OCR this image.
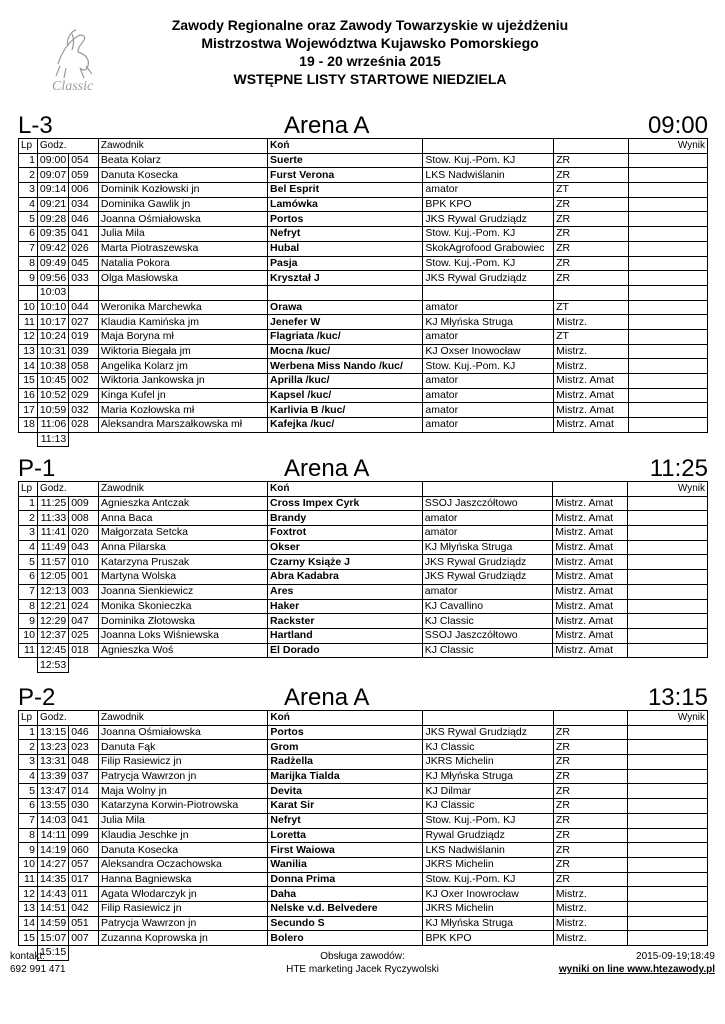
Classic
Zawody Regionalne oraz Zawody Towarzyskie w ujeżdżeniu
Mistrzostwa Województwa Kujawsko Pomorskiego
19 - 20 września 2015
WSTĘPNE LISTY STARTOWE NIEDZIELA
L-3	Arena A	09:00
Lp	Godz.		Zawodnik	Koń			Wynik
1	09:00	054	Beata Kolarz	Suerte	Stow. Kuj.-Pom. KJ	ZR	
2	09:07	059	Danuta Kosecka	Furst Verona	LKS Nadwiślanin	ZR	
3	09:14	006	Dominik Kozłowski jn	Bel Esprit	amator	ZT	
4	09:21	034	Dominika Gawlik jn	Lamówka	BPK KPO	ZR	
5	09:28	046	Joanna Ośmiałowska	Portos	JKS Rywal Grudziądz	ZR	
6	09:35	041	Julia Mila	Nefryt	Stow. Kuj.-Pom. KJ	ZR	
7	09:42	026	Marta Piotraszewska	Hubal	SkokAgrofood Grabowiec	ZR	
8	09:49	045	Natalia Pokora	Pasja	Stow. Kuj.-Pom. KJ	ZR	
9	09:56	033	Olga Masłowska	Kryształ J	JKS Rywal Grudziądz	ZR	
	10:03						
10	10:10	044	Weronika Marchewka	Orawa	amator	ZT	
11	10:17	027	Klaudia Kamińska jm	Jenefer W	KJ Młyńska Struga	Mistrz.	
12	10:24	019	Maja Boryna mł	Flagriata /kuc/	amator	ZT	
13	10:31	039	Wiktoria Biegała jm	Mocna /kuc/	KJ Oxser Inowocław	Mistrz.	
14	10:38	058	Angelika Kolarz jm	Werbena Miss Nando /kuc/	Stow. Kuj.-Pom. KJ	Mistrz.	
15	10:45	002	Wiktoria Jankowska jn	Aprilla /kuc/	amator	Mistrz. Amat	
16	10:52	029	Kinga Kufel jn	Kapsel /kuc/	amator	Mistrz. Amat	
17	10:59	032	Maria Kozłowska mł	Karlivia B /kuc/	amator	Mistrz. Amat	
18	11:06	028	Aleksandra Marszałkowska mł	Kafejka /kuc/	amator	Mistrz. Amat	
	11:13						
P-1	Arena A	11:25
Lp	Godz.		Zawodnik	Koń			Wynik
1	11:25	009	Agnieszka Antczak	Cross Impex Cyrk	SSOJ Jaszczółtowo	Mistrz. Amat	
2	11:33	008	Anna Baca	Brandy	amator	Mistrz. Amat	
3	11:41	020	Małgorzata Setcka	Foxtrot	amator	Mistrz. Amat	
4	11:49	043	Anna Pilarska	Okser	KJ Młyńska Struga	Mistrz. Amat	
5	11:57	010	Katarzyna Pruszak	Czarny Książe J	JKS Rywal Grudziądz	Mistrz. Amat	
6	12:05	001	Martyna Wolska	Abra Kadabra	JKS Rywal Grudziądz	Mistrz. Amat	
7	12:13	003	Joanna Sienkiewicz	Ares	amator	Mistrz. Amat	
8	12:21	024	Monika Skonieczka	Haker	KJ Cavallino	Mistrz. Amat	
9	12:29	047	Dominika Złotowska	Rackster	KJ Classic	Mistrz. Amat	
10	12:37	025	Joanna Loks Wiśniewska	Hartland	SSOJ Jaszczółtowo	Mistrz. Amat	
11	12:45	018	Agnieszka Woś	El Dorado	KJ Classic	Mistrz. Amat	
	12:53						
P-2	Arena A	13:15
Lp	Godz.		Zawodnik	Koń			Wynik
1	13:15	046	Joanna Ośmiałowska	Portos	JKS Rywal Grudziądz	ZR	
2	13:23	023	Danuta Fąk	Grom	KJ Classic	ZR	
3	13:31	048	Filip Rasiewicz jn	Radżella	JKRS Michelin	ZR	
4	13:39	037	Patrycja Wawrzon jn	Marijka Tialda	KJ Młyńska Struga	ZR	
5	13:47	014	Maja Wolny jn	Devita	KJ Dilmar	ZR	
6	13:55	030	Katarzyna Korwin-Piotrowska	Karat Sir	KJ Classic	ZR	
7	14:03	041	Julia Mila	Nefryt	Stow. Kuj.-Pom. KJ	ZR	
8	14:11	099	Klaudia Jeschke jn	Loretta	Rywal Grudziądz	ZR	
9	14:19	060	Danuta Kosecka	First Waiowa	LKS Nadwiślanin	ZR	
10	14:27	057	Aleksandra Oczachowska	Wanilia	JKRS Michelin	ZR	
11	14:35	017	Hanna Bagniewska	Donna Prima	Stow. Kuj.-Pom. KJ	ZR	
12	14:43	011	Agata Włodarczyk jn	Daha	KJ Oxer Inowrocław	Mistrz.	
13	14:51	042	Filip Rasiewicz jn	Nelske v.d. Belvedere	JKRS Michelin	Mistrz.	
14	14:59	051	Patrycja Wawrzon jn	Secundo S	KJ Młyńska Struga	Mistrz.	
15	15:07	007	Zuzanna Koprowska jn	Bolero	BPK KPO	Mistrz.	
	15:15						
kontakt:
692 991 471
Obsługa zawodów:
HTE marketing Jacek Ryczywolski
2015-09-19;18:49
wyniki on line www.htezawody.pl
